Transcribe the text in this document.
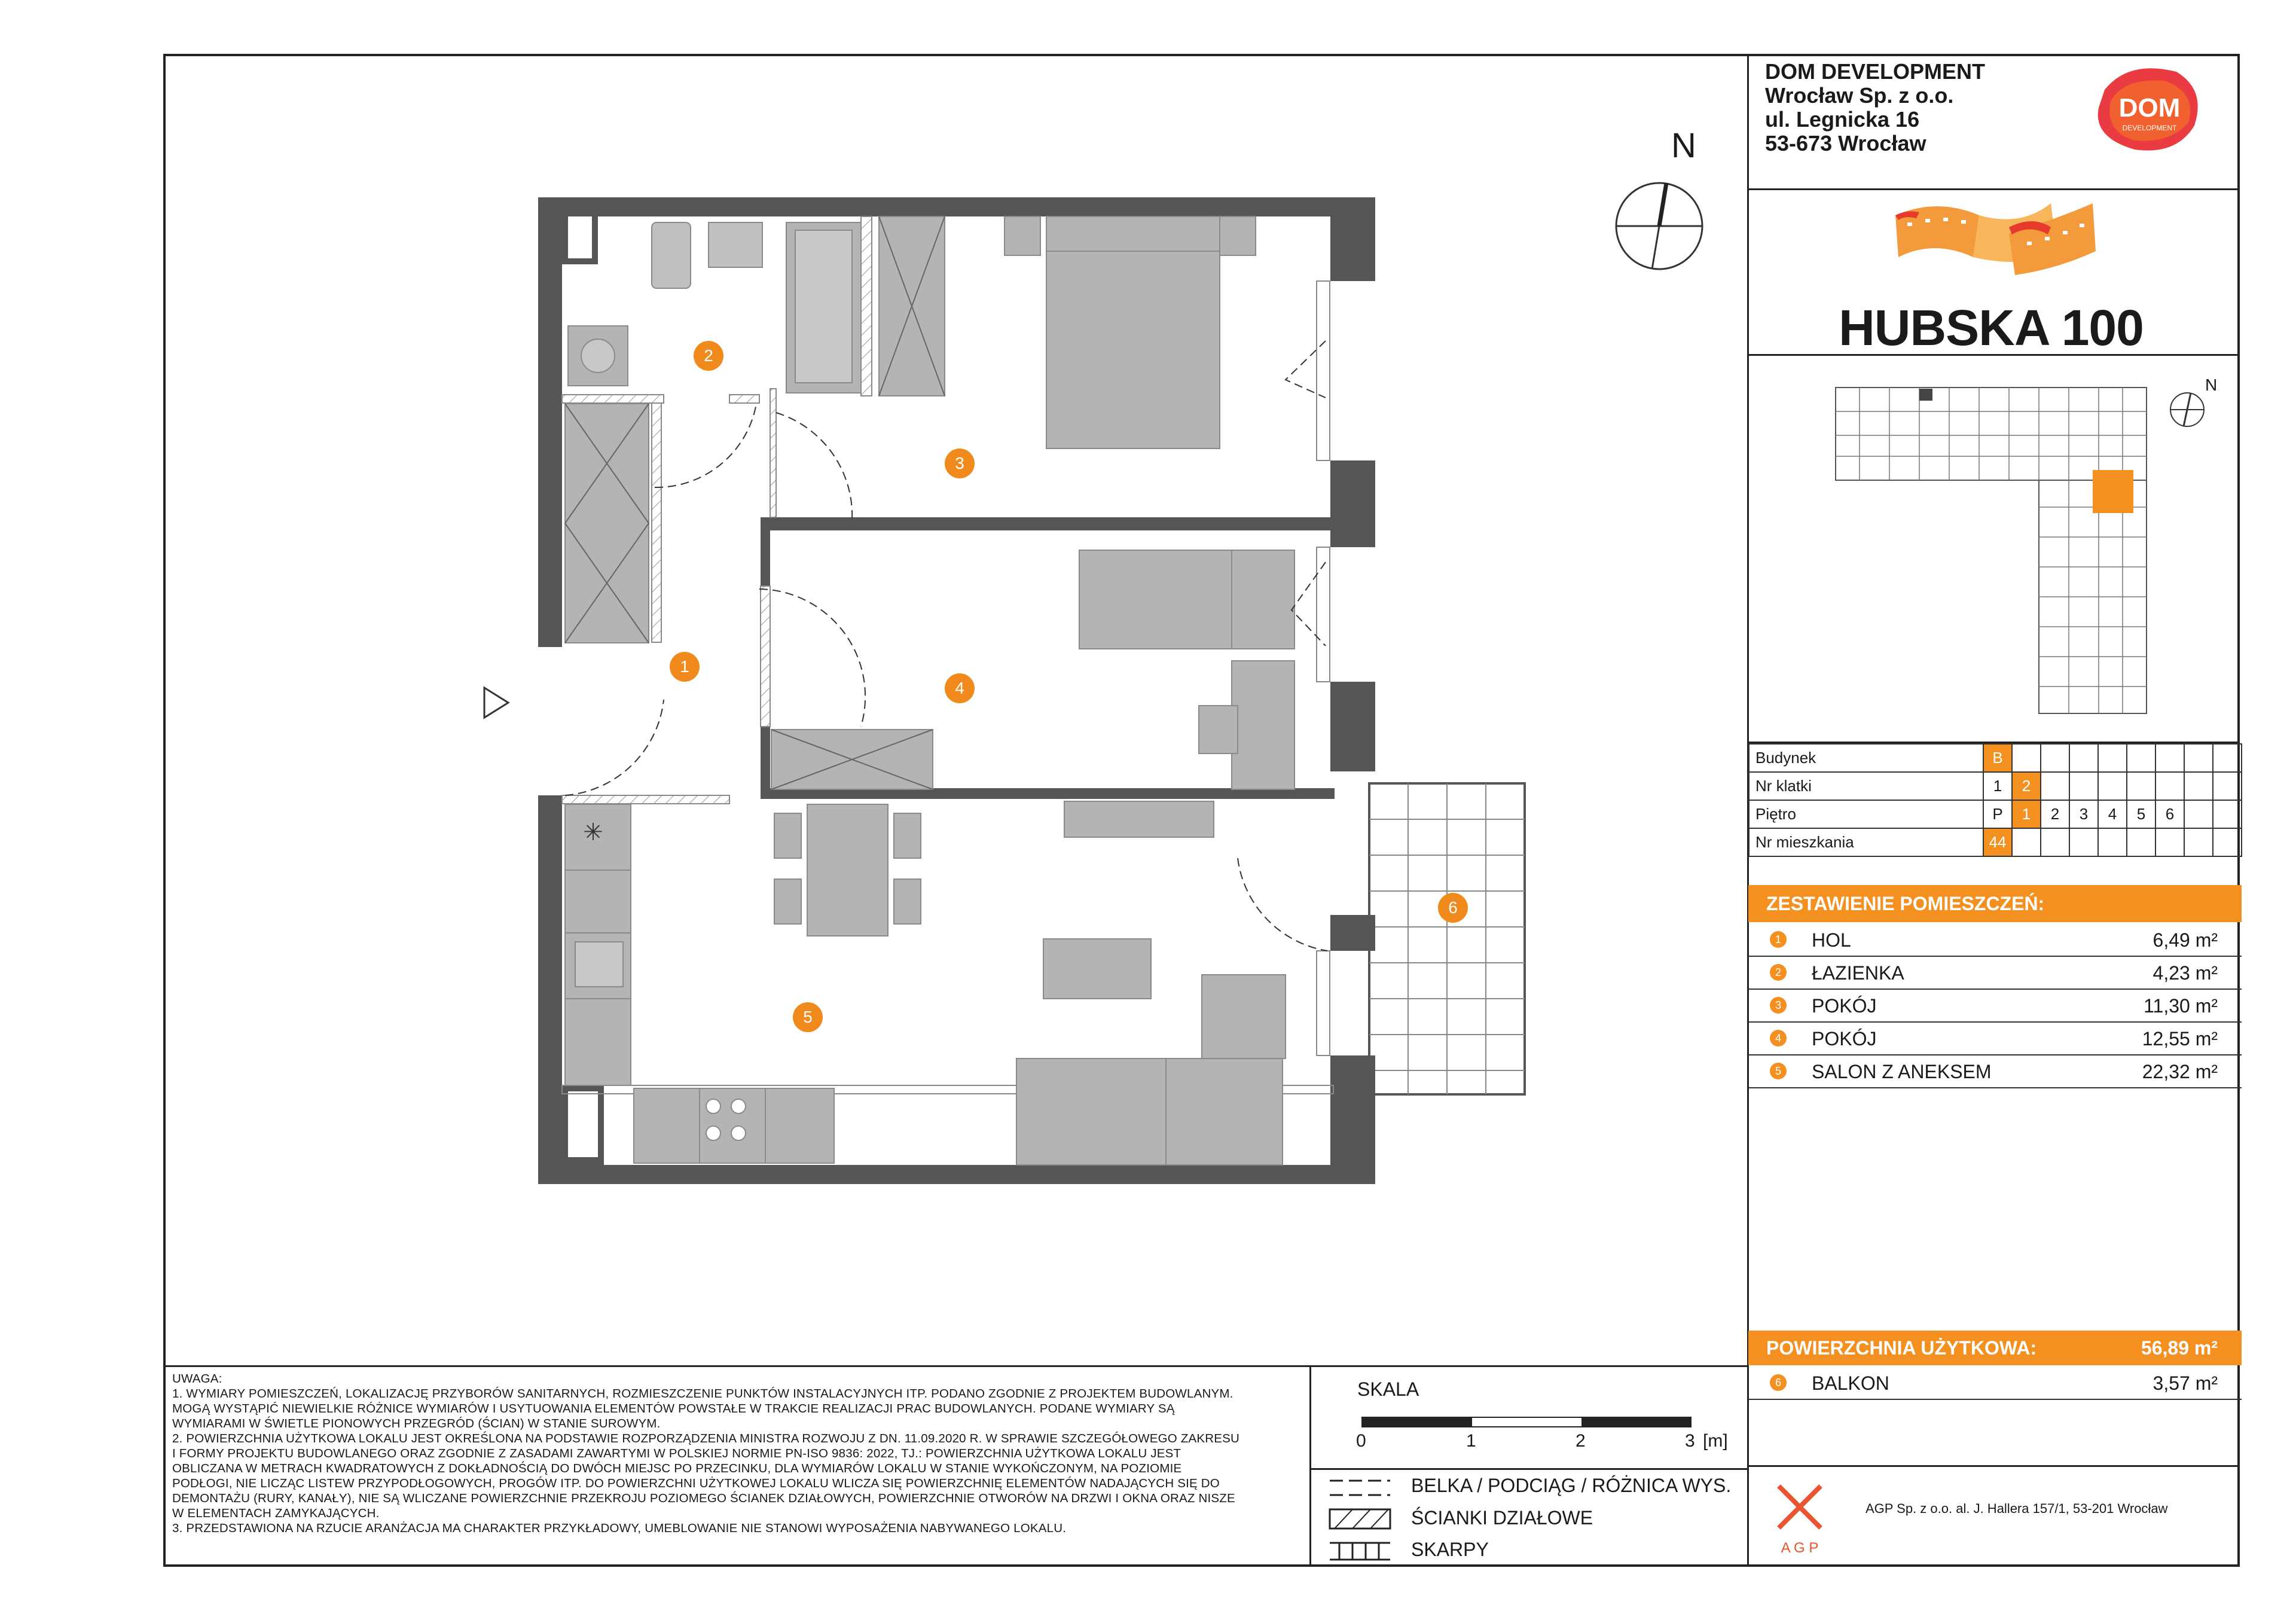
DOM DEVELOPMENT
Wrocław Sp. z o.o.
ul. Legnicka 16
53-673 Wrocław
DOM
DEVELOPMENT
HUBSKA 100
N
Budynek	B								
Nr klatki	1	2							
Piętro	P	1	2	3	4	5	6		
Nr mieszkania	44								
ZESTAWIENIE POMIESZCZEŃ:
1 HOL	6,49 m²
2 ŁAZIENKA	4,23 m²
3 POKÓJ	11,30 m²
4 POKÓJ	12,55 m²
5 SALON Z ANEKSEM	22,32 m²
POWIERZCHNIA UŻYTKOWA:	56,89 m²
6 BALKON	3,57 m²
A G P
AGP Sp. z o.o. al. J. Hallera 157/1, 53-201 Wrocław
UWAGA:
1. WYMIARY POMIESZCZEŃ, LOKALIZACJĘ PRZYBORÓW SANITARNYCH, ROZMIESZCZENIE PUNKTÓW INSTALACYJNYCH ITP. PODANO ZGODNIE Z PROJEKTEM BUDOWLANYM.
MOGĄ WYSTĄPIĆ NIEWIELKIE RÓŻNICE WYMIARÓW I USYTUOWANIA ELEMENTÓW POWSTAŁE W TRAKCIE REALIZACJI PRAC BUDOWLANYCH. PODANE WYMIARY SĄ
WYMIARAMI W ŚWIETLE PIONOWYCH PRZEGRÓD (ŚCIAN) W STANIE SUROWYM.
2. POWIERZCHNIA UŻYTKOWA LOKALU JEST OKREŚLONA NA PODSTAWIE ROZPORZĄDZENIA MINISTRA ROZWOJU Z DN. 11.09.2020 R. W SPRAWIE SZCZEGÓŁOWEGO ZAKRESU
I FORMY PROJEKTU BUDOWLANEGO ORAZ ZGODNIE Z ZASADAMI ZAWARTYMI W POLSKIEJ NORMIE PN-ISO 9836: 2022, TJ.: POWIERZCHNIA UŻYTKOWA LOKALU JEST
OBLICZANA W METRACH KWADRATOWYCH Z DOKŁADNOŚCIĄ DO DWÓCH MIEJSC PO PRZECINKU, DLA WYMIARÓW LOKALU W STANIE WYKOŃCZONYM, NA POZIOMIE
PODŁOGI, NIE LICZĄC LISTEW PRZYPODŁOGOWYCH, PROGÓW ITP. DO POWIERZCHNI UŻYTKOWEJ LOKALU WLICZA SIĘ POWIERZCHNIĘ ELEMENTÓW NADAJĄCYCH SIĘ DO
DEMONTAŻU (RURY, KANAŁY), NIE SĄ WLICZANE POWIERZCHNIE PRZEKROJU POZIOMEGO ŚCIANEK DZIAŁOWYCH, POWIERZCHNIE OTWORÓW NA DRZWI I OKNA ORAZ NISZE
W ELEMENTACH ZAMYKAJĄCYCH.
3. PRZEDSTAWIONA NA RZUCIE ARANŻACJA MA CHARAKTER PRZYKŁADOWY, UMEBLOWANIE NIE STANOWI WYPOSAŻENIA NABYWANEGO LOKALU.
SKALA
0	1	2	3 [m]
BELKA / PODCIĄG / RÓŻNICA WYS.
ŚCIANKI DZIAŁOWE
SKARPY
N
✳
1
2
3
4
5
6
